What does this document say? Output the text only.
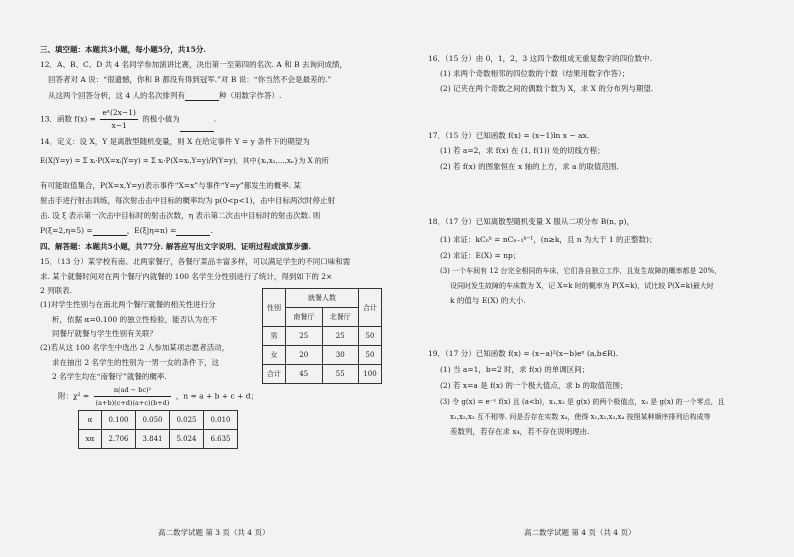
三、填空题：本题共3小题，每小题5分，共15分.
12．A、B、C、D 共 4 名同学参加演讲比赛，决出第一至第四的名次. A 和 B 去询问成绩，
回答者对 A 说：“很遗憾，你和 B 都没有得到冠军.”对 B 说：“你当然不会是最差的.”
从这两个回答分析，这 4 人的名次排列有	种（用数字作答）.
13．函数 $f(x) = \frac{\text{eˣ(2x−1)}}{x-1}$ 的极小值为	.
14．定义：设 X，Y 是离散型随机变量，则 X 在给定事件 Y = y 条件下的期望为
E(X|Y=y) = Σ xᵢ·P(X=xᵢ|Y=y) = Σ xᵢ·P(X=xᵢ,Y=y)/P(Y=y)，其中{xᵢ,x₂,…,xₙ}为 X 的所
有可能取值集合，P(X=x,Y=y)表示事件“X=x”与事件“Y=y”都发生的概率. 某
射击手进行射击训练，每次射击击中目标的概率均为 p(0<p<1)，击中目标两次时停止射
击. 设 ξ 表示第一次击中目标时的射击次数，η 表示第二次击中目标时的射击次数. 则
P(ξ=2,η=5) =	，E(ξ|η=n) =	.
四、解答题：本题共5小题，共77分. 解答应写出文字说明、证明过程或演算步骤.
15．（13 分）某学校有南、北两家餐厅，各餐厅菜品丰富多样，可以满足学生的不同口味和需
求. 某个就餐时间对在两个餐厅内就餐的 100 名学生分性别进行了统计，得到如下的 2×
2 列联表.
(1)对学生性别与在南北两个餐厅就餐的相关性进行分
析，依据 α=0.100 的独立性检验，能否认为在不
同餐厅就餐与学生性别有关联？
(2)若从这 100 名学生中选出 2 人参加某项志愿者活动，
求在抽出 2 名学生的性别为一男一女的条件下，这
2 名学生均在“南餐厅”就餐的概率.
附：$\chi^2 = \frac{\text{n(ad − bc)²}}{(a+b)(c+d)(a+c)(b+d)}$ ，n = a + b + c + d；
α	0.100	0.050	0.025	0.010
xα	2.706	3.841	5.024	6.635
性别	就餐人数		合计
	南餐厅	北餐厅	
男	25	25	50
女	20	30	50
合计	45	55	100
高二数学试题 第 3 页（共 4 页）
16．（15 分）由 0，1，2，3 这四个数组成无重复数字的四位数中.
(1) 求两个奇数相邻的四位数的个数（结果用数字作答）；
(2) 记夹在两个奇数之间的偶数个数为 X，求 X 的分布列与期望.
17．（15 分）已知函数 f(x) = (x−1)ln x − ax.
(1) 若 a=2，求 f(x) 在 (1, f(1)) 处的切线方程；
(2) 若 f(x) 的图象恒在 x 轴的上方，求 a 的取值范围.
18．（17 分）已知离散型随机变量 X 服从二项分布 B(n, p)，
(1) 求证：kCₙᵏ = nCₙ₋₁ᵏ⁻¹，(n≥k，且 n 为大于 1 的正整数)；
(2) 求证：E(X) = np；
(3) 一个车间有 12 台完全相同的车床，它们各自独立工作，且发生故障的概率都是 20%，
设同时发生故障的车床数为 X，记 X=k 时的概率为 P(X=k)，试比较 P(X=k)最大时
k 的值与 E(X) 的大小.
19．（17 分）已知函数 f(x) = (x−a)²(x−b)eˣ (a,b∈R).
(1) 当 a=1，b=2 时，求 f(x) 的单调区间；
(2) 若 x=a 是 f(x) 的一个极大值点，求 b 的取值范围；
(3) 令 g(x) = e⁻ˣ f(x) 且 (a<b)，x₁,x₂ 是 g(x) 的两个极值点，x₃ 是 g(x) 的一个零点，且
x₁,x₂,x₃ 互不相等. 问是否存在实数 x₄，使得 x₁,x₂,x₃,x₄ 按照某种顺序排列后构成等
差数列，若存在求 x₄，若不存在说明理由.
高二数学试题 第 4 页（共 4 页）
